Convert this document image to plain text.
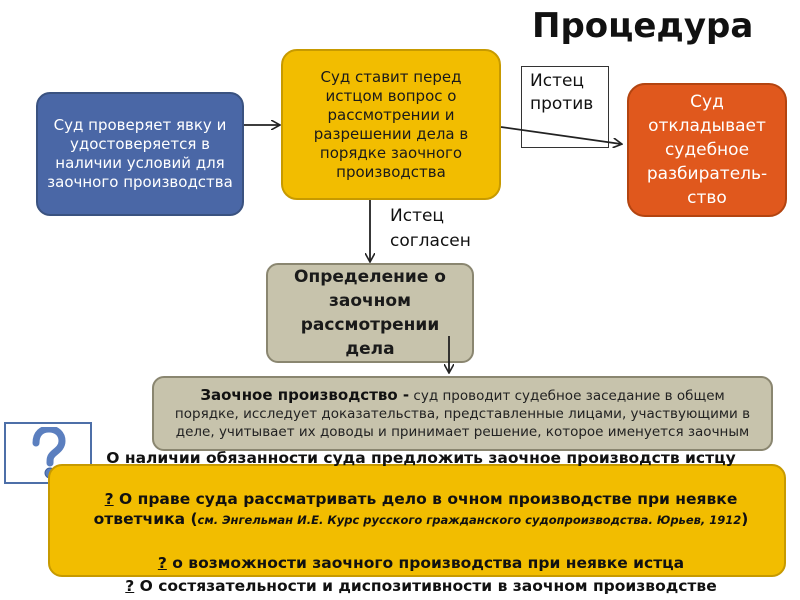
Процедура
Суд проверяет явку и удостоверяется в наличии условий для заочного производства
Суд ставит перед истцом вопрос о рассмотрении и разрешении дела в порядке заочного производства
Истец против	Суд откладывает судебное разбиратель-ство
Истец согласен
Определение о заочном рассмотрении дела
Заочное производство - суд проводит судебное заседание в общем порядке, исследует доказательства, представленные лицами, участвующими в деле, учитывает их доводы и принимает решение, которое именуется заочным
О наличии обязанности суда предложить заочное производств истцу
? О праве суда рассматривать дело в очном производстве при неявке ответчика (см. Энгельман И.Е. Курс русского гражданского судопроизводства. Юрьев, 1912)
? о возможности заочного производства при неявке истца
? О состязательности и диспозитивности в заочном производстве
